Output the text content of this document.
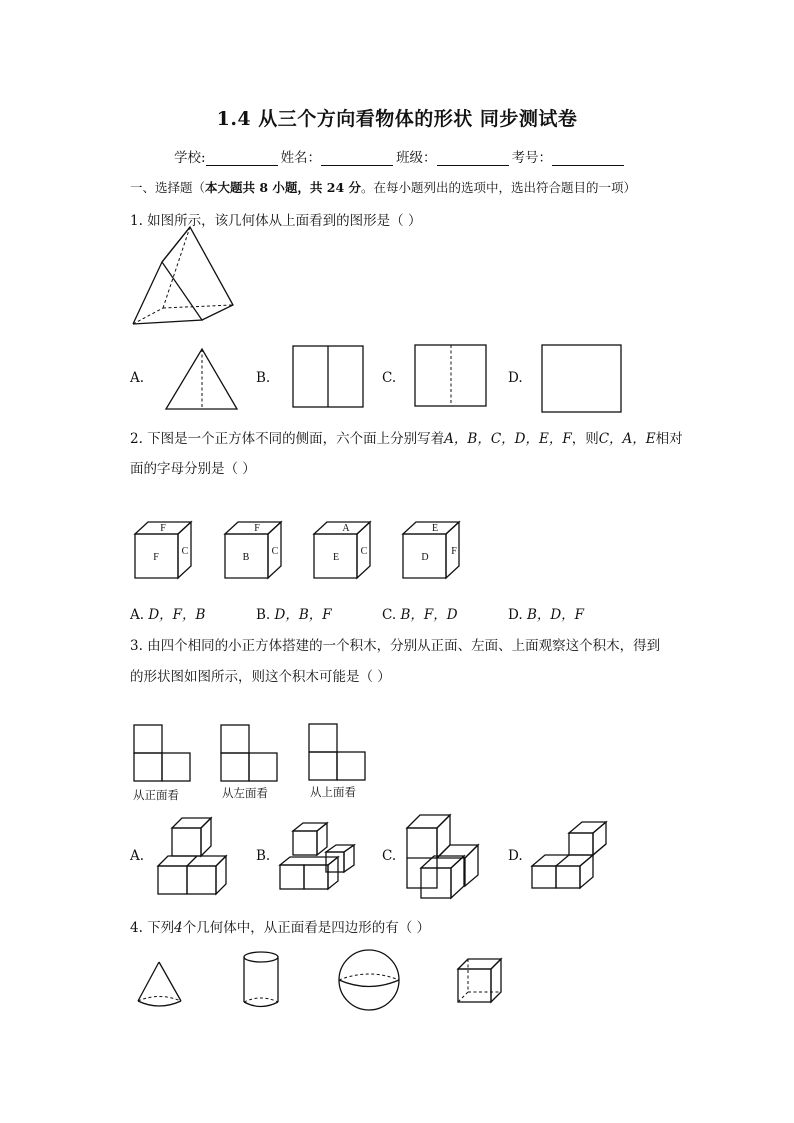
1.4 从三个方向看物体的形状 同步测试卷
学校:	姓名：	班级：	考号：
一、选择题（本大题共 8 小题，共 24 分。在每小题列出的选项中，选出符合题目的一项）
1. 如图所示，该几何体从上面看到的图形是（ ）
A.	B.	C.	D.
2. 下图是一个正方体不同的侧面，六个面上分别写着A，B，C，D，E，F，则C，A，E相对
面的字母分别是（ ）
F
F
C
F
B
C
A
E
C
E
D
F
A. D，F，B	B. D，B，F	C. B，F，D	D. B，D，F
3. 由四个相同的小正方体搭建的一个积木，分别从正面、左面、上面观察这个积木，得到
的形状图如图所示，则这个积木可能是（ ）
从正面看	从左面看	从上面看
A.	B.	C.	D.
4. 下列4个几何体中，从正面看是四边形的有（ ）
